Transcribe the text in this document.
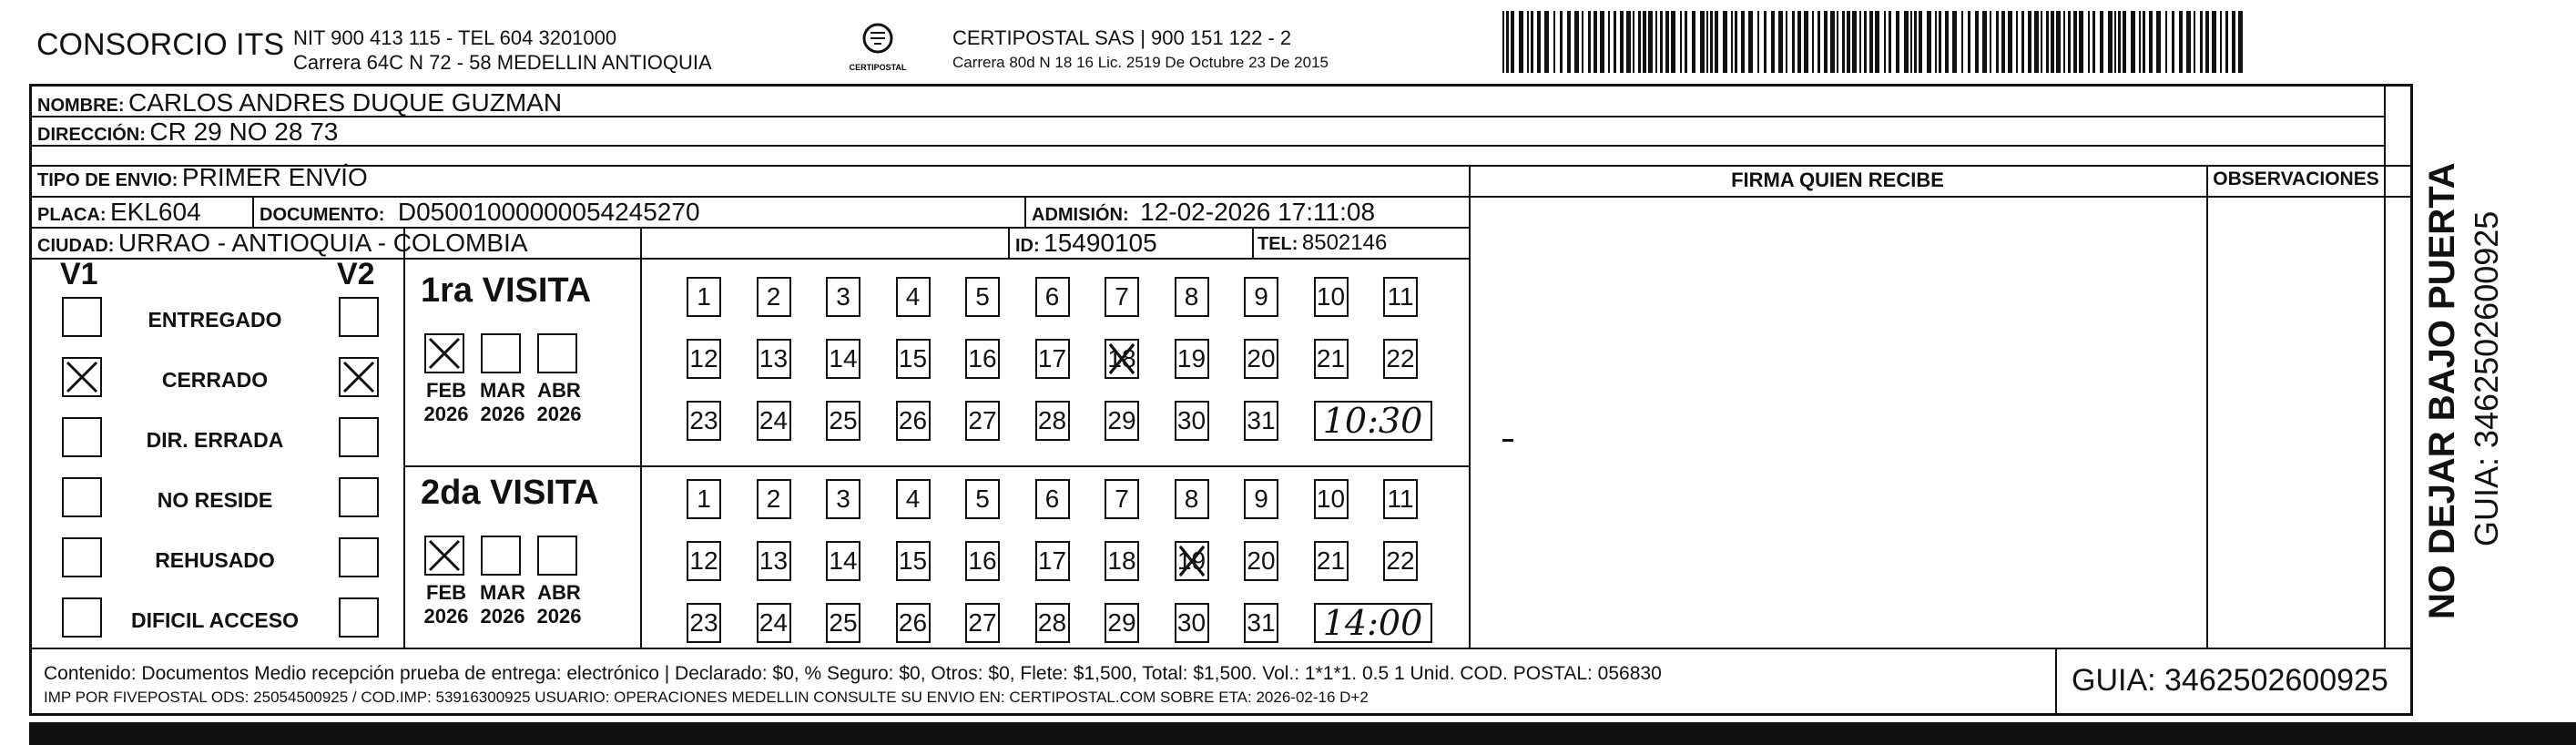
CONSORCIO ITS NIT 900 413 115 - TEL 604 3201000
Carrera 64C N 72 - 58 MEDELLIN ANTIOQUIA	CERTIPOSTAL
CERTIPOSTAL SAS | 900 151 122 - 2
Carrera 80d N 18 16 Lic. 2519 De Octubre 23 De 2015
NOMBRE: CARLOS ANDRES DUQUE GUZMAN
DIRECCIÓN: CR 29 NO 28 73
TIPO DE ENVIO: PRIMER ENVÍO	FIRMA QUIEN RECIBE	OBSERVACIONES
PLACA: EKL604	DOCUMENTO: D05001000000054245270	ADMISIÓN: 12-02-2026 17:11:08
CIUDAD: URRAO - ANTIOQUIA - COLOMBIA	ID: 15490105	TEL: 8502146
V1	V2
ENTREGADO
CERRADO
DIR. ERRADA
NO RESIDE
REHUSADO
DIFICIL ACCESO
1ra VISITA
FEB
2026
MAR
2026
ABR
2026
1	2	3	4	5	6	7	8	9	10 11
12 13 14 15 16 17 18 19 20 21 22
23 24 25 26 27 28 29 30 31 10:30
2da VISITA
FEB
2026
MAR
2026
ABR
2026
1	2	3	4	5	6	7	8	9	10 11
12 13 14 15 16 17 18 19 20 21 22
23 24 25 26 27 28 29 30 31 14:00
NO DEJAR BAJO PUERTA GUIA: 3462502600925
Contenido: Documentos Medio recepción prueba de entrega: electrónico | Declarado: $0, % Seguro: $0, Otros: $0, Flete: $1,500, Total: $1,500. Vol.: 1*1*1. 0.5 1 Unid. COD. POSTAL: 056830
IMP POR FIVEPOSTAL ODS: 25054500925 / COD.IMP: 53916300925 USUARIO: OPERACIONES MEDELLIN CONSULTE SU ENVIO EN: CERTIPOSTAL.COM SOBRE ETA: 2026-02-16 D+2	GUIA: 3462502600925
